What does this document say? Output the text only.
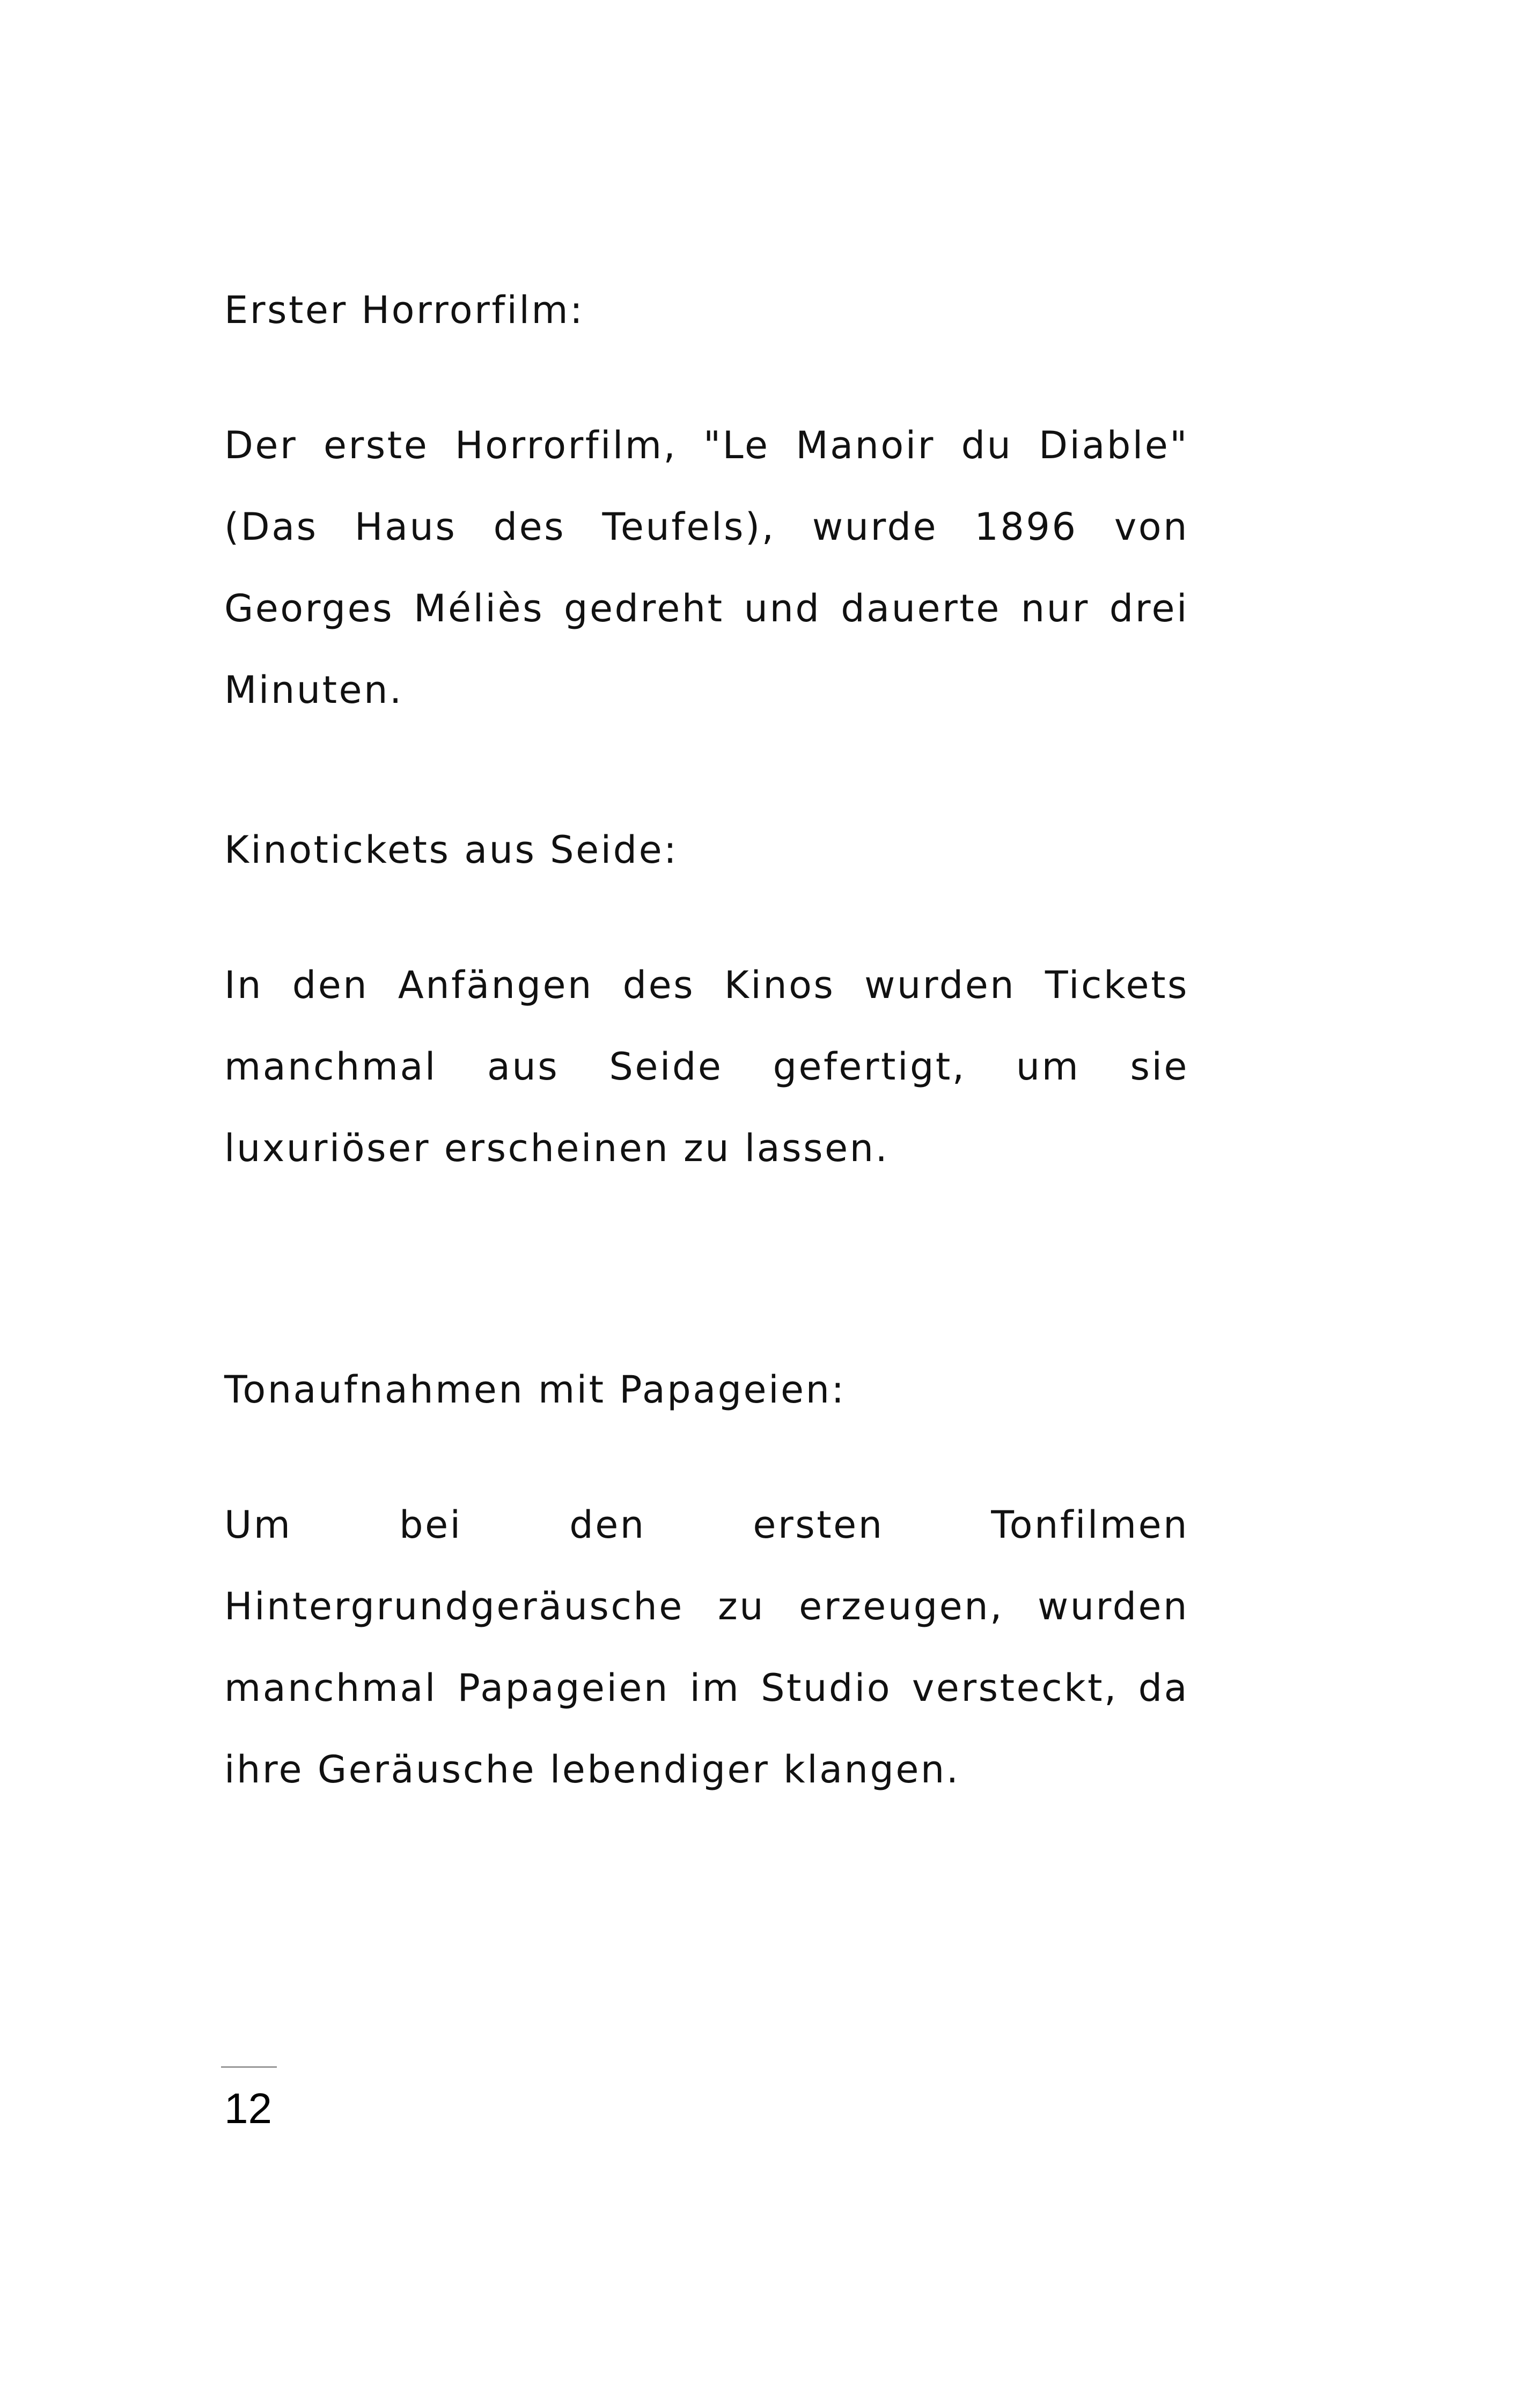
Erster Horrorfilm:

Der erste Horrorfilm, "Le Manoir du Diable" (Das Haus des Teufels), wurde 1896 von Georges Méliès gedreht und dauerte nur drei Minuten.

Kinotickets aus Seide:

In den Anfängen des Kinos wurden Tickets manchmal aus Seide gefertigt, um sie luxuriöser erscheinen zu lassen.

Tonaufnahmen mit Papageien:

Um bei den ersten Tonfilmen Hintergrundgeräusche zu erzeugen, wurden manchmal Papageien im Studio versteckt, da ihre Geräusche lebendiger klangen.

12
